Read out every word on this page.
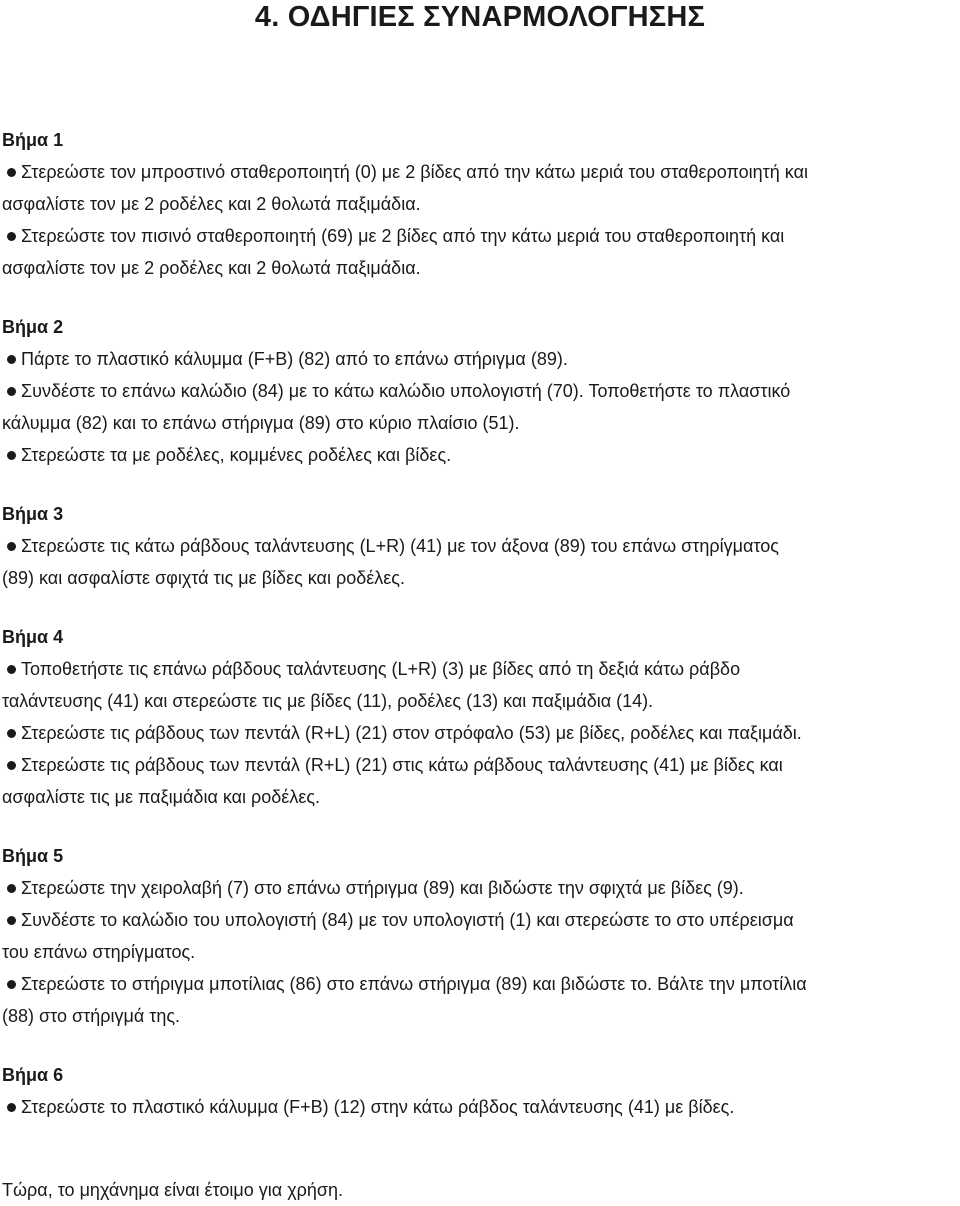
4. ΟΔΗΓΙΕΣ ΣΥΝΑΡΜΟΛΟΓΗΣΗΣ

Βήμα 1

Στερεώστε τον μπροστινό σταθεροποιητή (0) με 2 βίδες από την κάτω μεριά του σταθεροποιητή και

ασφαλίστε τον με 2 ροδέλες και 2 θολωτά παξιμάδια.

Στερεώστε τον πισινό σταθεροποιητή (69) με 2 βίδες από την κάτω μεριά του σταθεροποιητή και

ασφαλίστε τον με 2 ροδέλες και 2 θολωτά παξιμάδια.

Βήμα 2

Πάρτε το πλαστικό κάλυμμα (F+B) (82) από το επάνω στήριγμα (89).

Συνδέστε το επάνω καλώδιο (84) με το κάτω καλώδιο υπολογιστή (70). Τοποθετήστε το πλαστικό

κάλυμμα (82) και το επάνω στήριγμα (89) στο κύριο πλαίσιο (51).

Στερεώστε τα με ροδέλες, κομμένες ροδέλες και βίδες.

Βήμα 3

Στερεώστε τις κάτω ράβδους ταλάντευσης (L+R) (41) με τον άξονα (89) του επάνω στηρίγματος

(89) και ασφαλίστε σφιχτά τις με βίδες και ροδέλες.

Βήμα 4

Τοποθετήστε τις επάνω ράβδους ταλάντευσης (L+R) (3) με βίδες από τη δεξιά κάτω ράβδο

ταλάντευσης (41) και στερεώστε τις με βίδες (11), ροδέλες (13) και παξιμάδια (14).

Στερεώστε τις ράβδους των πεντάλ (R+L) (21) στον στρόφαλο (53) με βίδες, ροδέλες και παξιμάδι.

Στερεώστε τις ράβδους των πεντάλ (R+L) (21) στις κάτω ράβδους ταλάντευσης (41) με βίδες και

ασφαλίστε τις με παξιμάδια και ροδέλες.

Βήμα 5

Στερεώστε την χειρολαβή (7) στο επάνω στήριγμα (89) και βιδώστε την σφιχτά με βίδες (9).

Συνδέστε το καλώδιο του υπολογιστή (84) με τον υπολογιστή (1) και στερεώστε το στο υπέρεισμα

του επάνω στηρίγματος.

Στερεώστε το στήριγμα μποτίλιας (86) στο επάνω στήριγμα (89) και βιδώστε το. Βάλτε την μποτίλια

(88) στο στήριγμά της.

Βήμα 6

Στερεώστε το πλαστικό κάλυμμα (F+B) (12) στην κάτω ράβδος ταλάντευσης (41) με βίδες.

Τώρα, το μηχάνημα είναι έτοιμο για χρήση.
